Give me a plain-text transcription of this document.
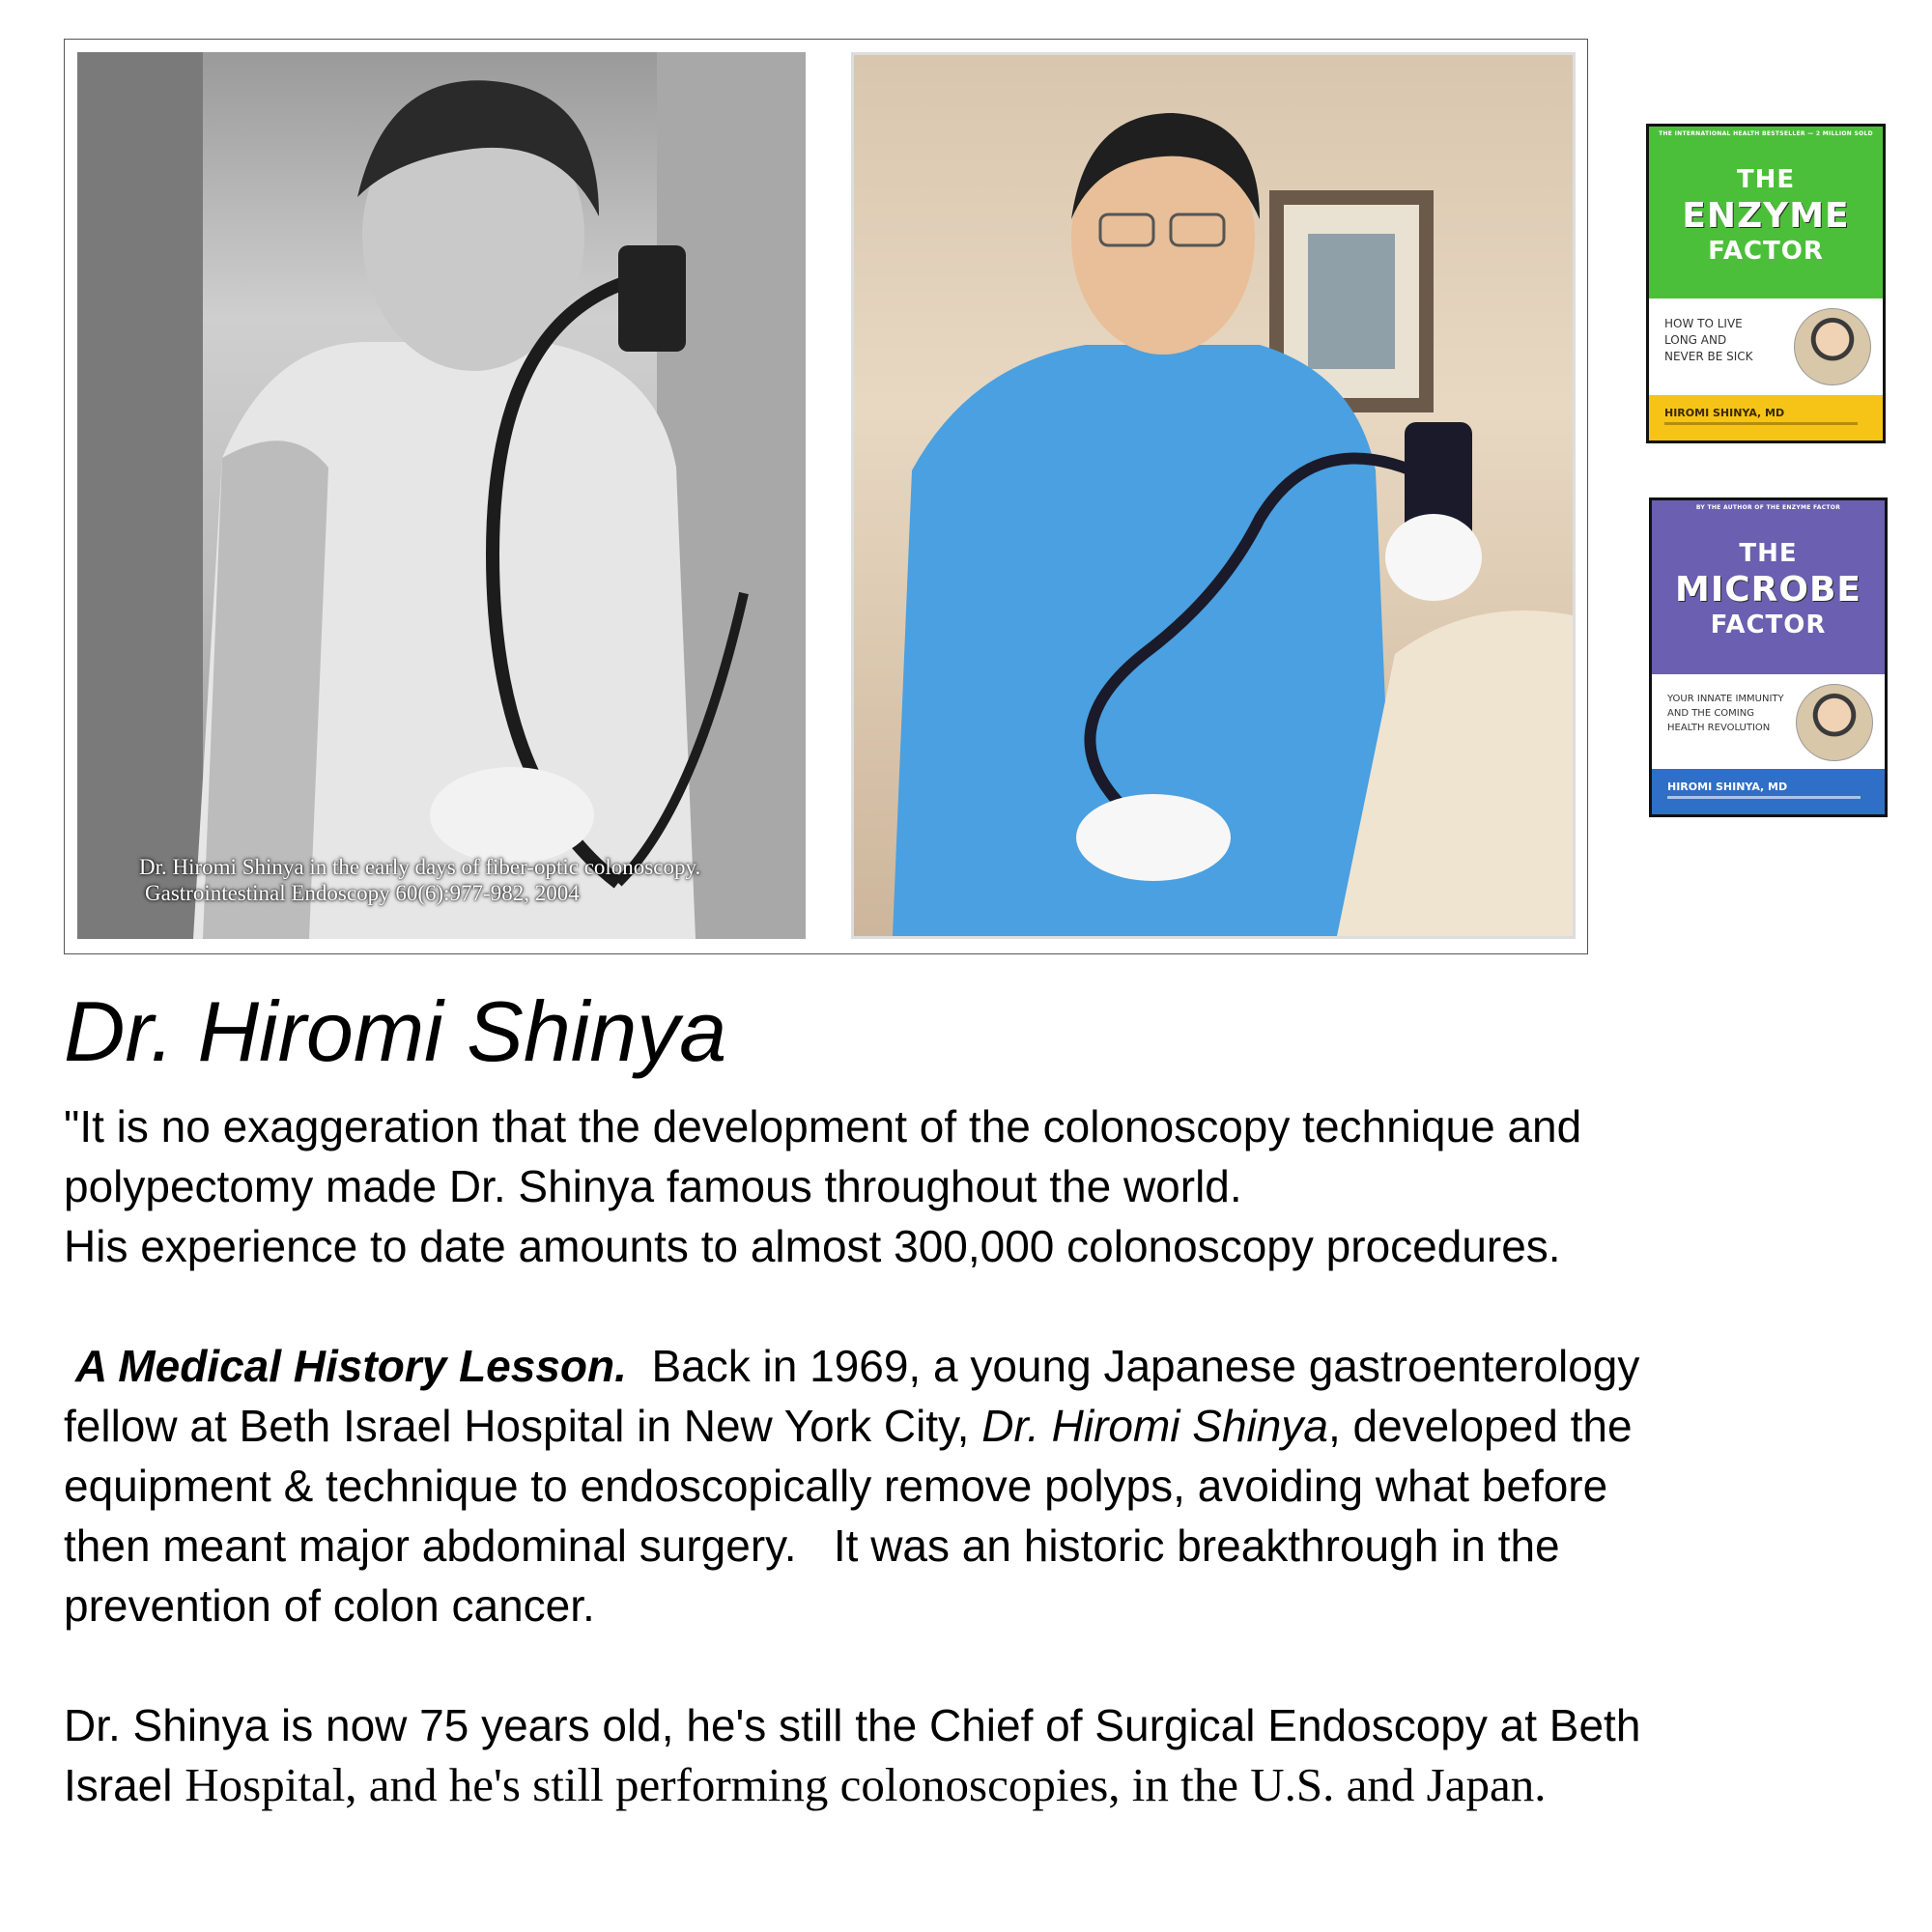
Dr. Hiromi Shinya in the early days of fiber-optic colonoscopy.
Gastrointestinal Endoscopy 60(6):977-982, 2004
THE INTERNATIONAL HEALTH BESTSELLER — 2 MILLION SOLD
THE
ENZYME
FACTOR
HOW TO LIVE
LONG AND
NEVER BE SICK
HIROMI SHINYA, MD
BY THE AUTHOR OF THE ENZYME FACTOR
THE
MICROBE
FACTOR
YOUR INNATE IMMUNITY
AND THE COMING
HEALTH REVOLUTION
HIROMI SHINYA, MD
Dr. Hiromi Shinya

"It is no exaggeration that the development of the colonoscopy technique and
polypectomy made Dr. Shinya famous throughout the world.
His experience to date amounts to almost 300,000 colonoscopy procedures.

A Medical History Lesson. Back in 1969, a young Japanese gastroenterology
fellow at Beth Israel Hospital in New York City, Dr. Hiromi Shinya, developed the
equipment & technique to endoscopically remove polyps, avoiding what before
then meant major abdominal surgery.   It was an historic breakthrough in the
prevention of colon cancer.

Dr. Shinya is now 75 years old, he's still the Chief of Surgical Endoscopy at Beth
Israel Hospital, and he's still performing colonoscopies, in the U.S. and Japan.
